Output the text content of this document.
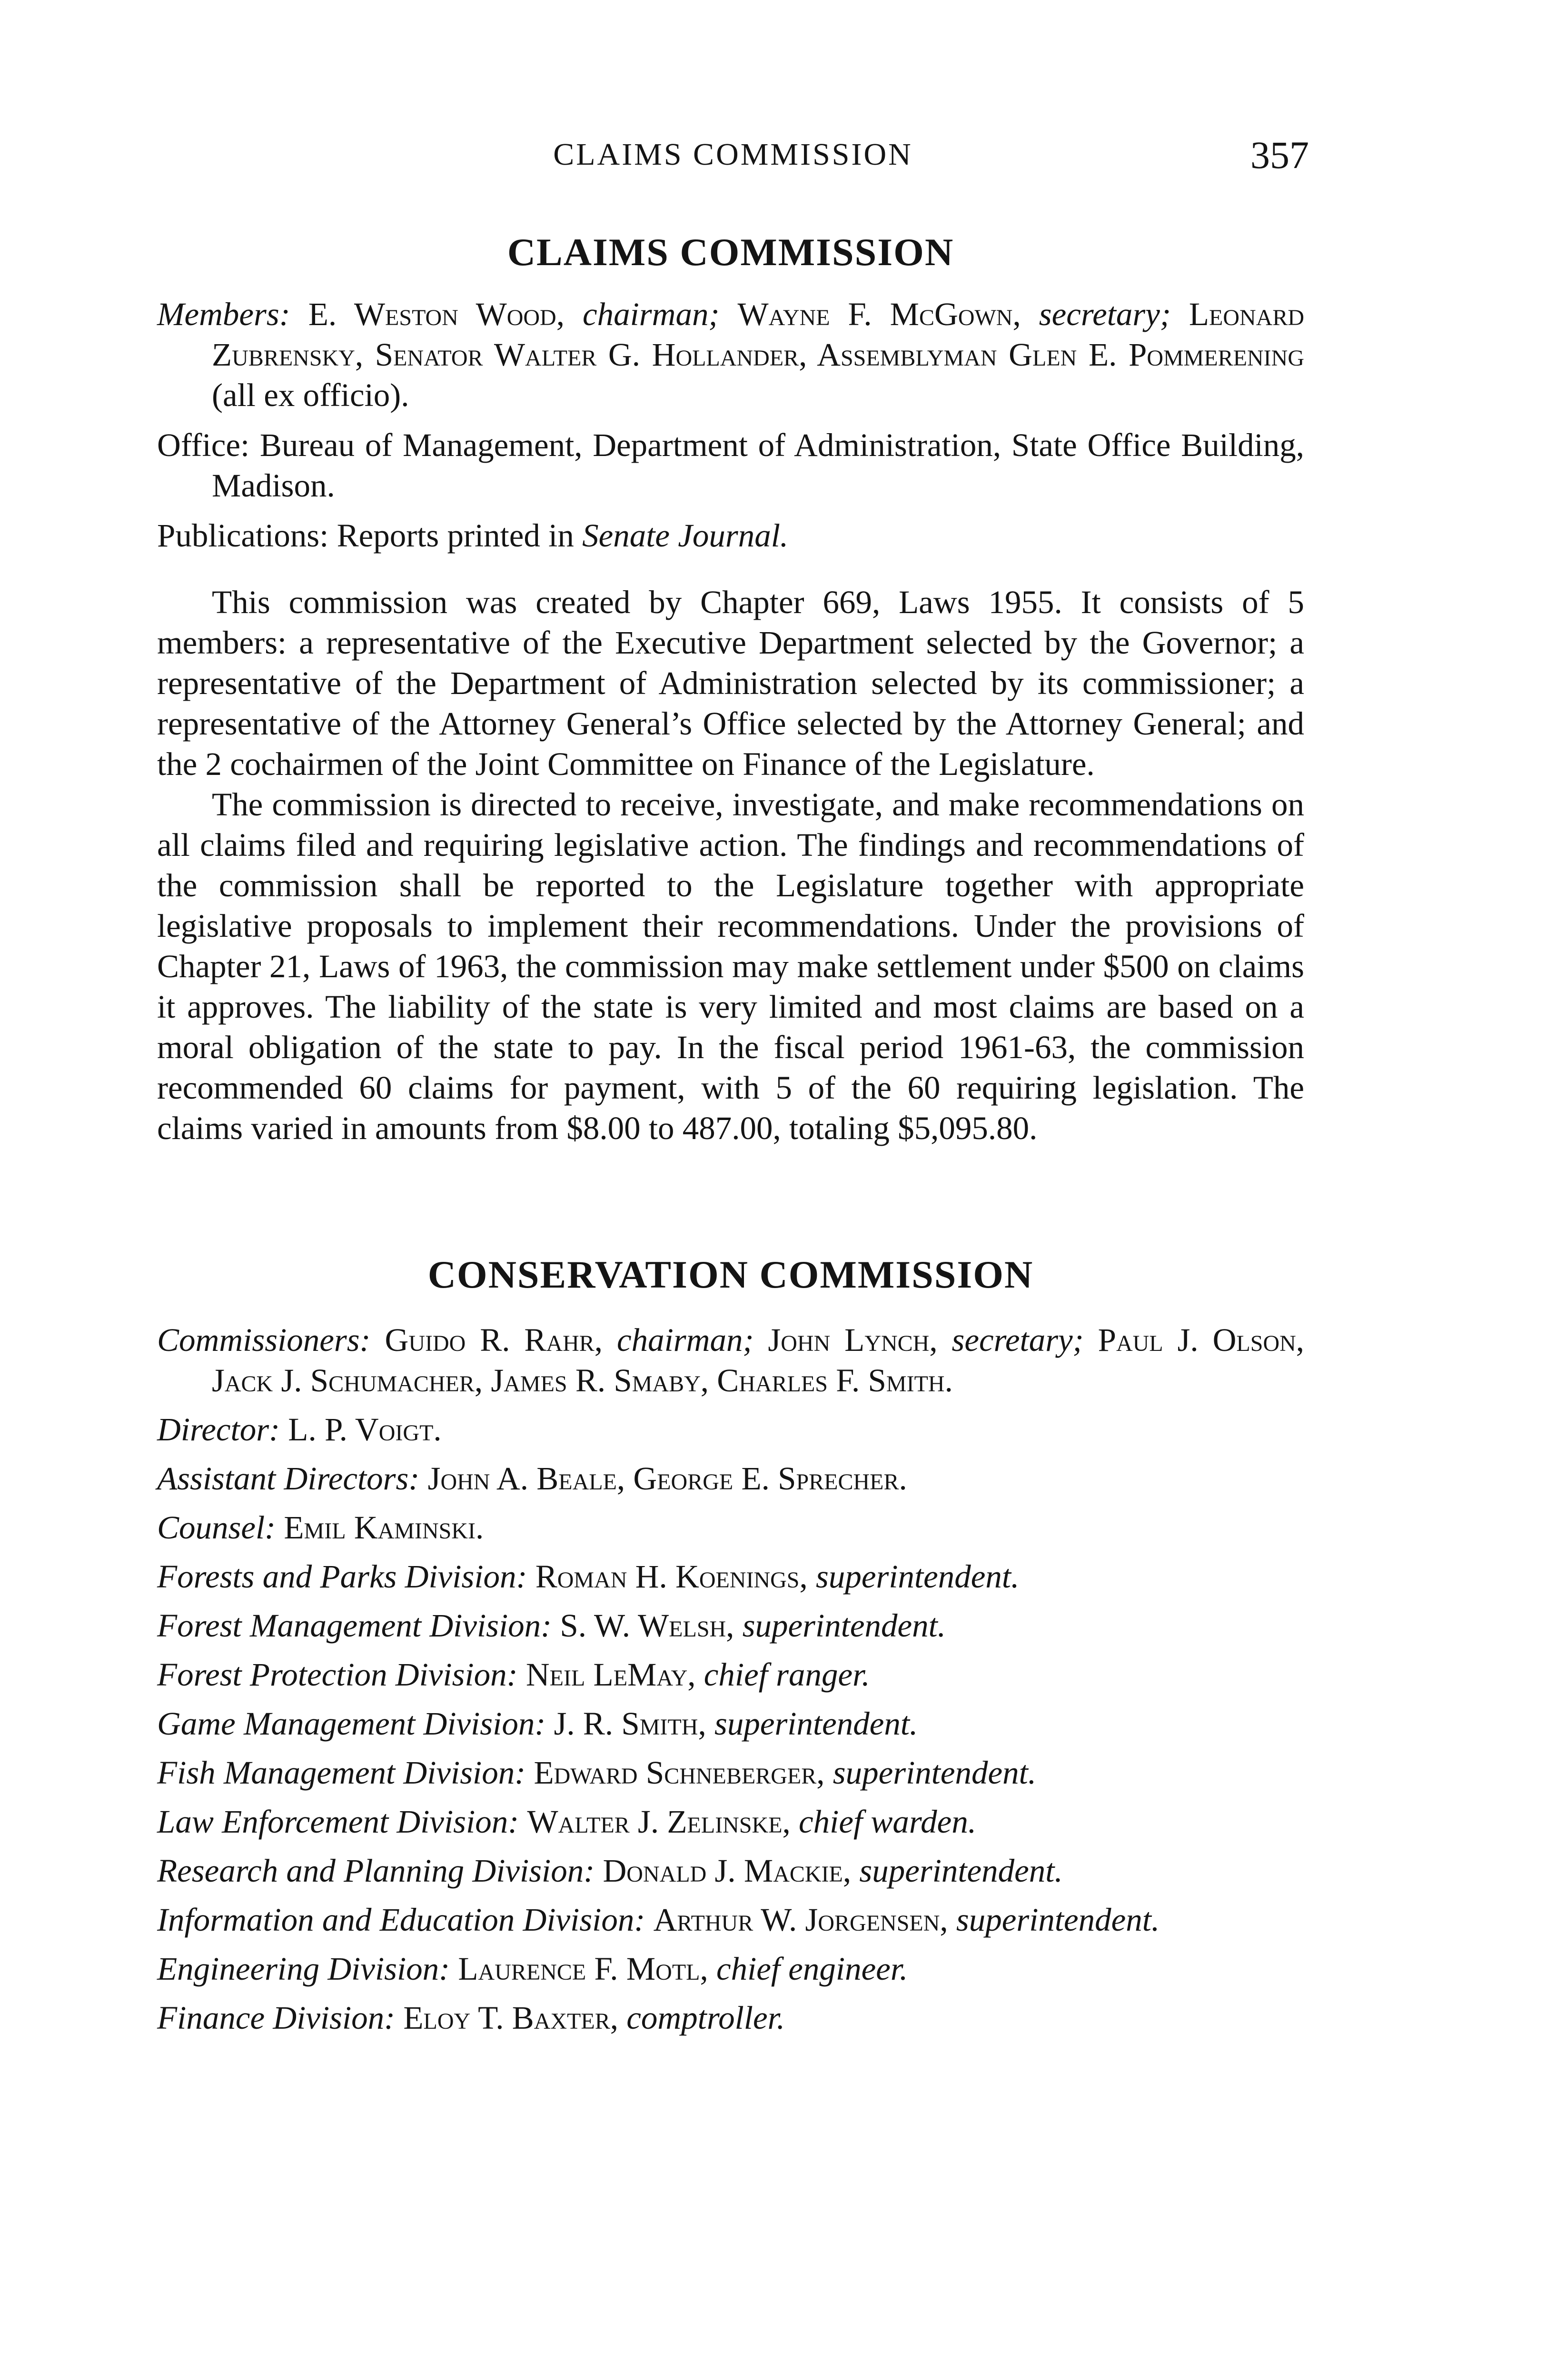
CLAIMS COMMISSION	357
CLAIMS COMMISSION

Members: E. Weston Wood, chairman; Wayne F. McGown, secretary; Leonard Zubrensky, Senator Walter G. Hollander, Assemblyman Glen E. Pommerening (all ex officio).

Office: Bureau of Management, Department of Administration, State Office Building, Madison.

Publications: Reports printed in Senate Journal.

This commission was created by Chapter 669, Laws 1955. It consists of 5 members: a representative of the Executive Department selected by the Governor; a representative of the Department of Administration selected by its commissioner; a representative of the Attorney General’s Office selected by the Attorney General; and the 2 cochairmen of the Joint Committee on Finance of the Legislature.

The commission is directed to receive, investigate, and make recommendations on all claims filed and requiring legislative action. The findings and recommendations of the commission shall be reported to the Legislature together with appropriate legislative proposals to implement their recommendations. Under the provisions of Chapter 21, Laws of 1963, the commission may make settlement under $500 on claims it approves. The liability of the state is very limited and most claims are based on a moral obligation of the state to pay. In the fiscal period 1961-63, the commission recommended 60 claims for payment, with 5 of the 60 requiring legislation. The claims varied in amounts from $8.00 to 487.00, totaling $5,095.80.

CONSERVATION COMMISSION

Commissioners: Guido R. Rahr, chairman; John Lynch, secretary; Paul J. Olson, Jack J. Schumacher, James R. Smaby, Charles F. Smith.

Director: L. P. Voigt.

Assistant Directors: John A. Beale, George E. Sprecher.

Counsel: Emil Kaminski.

Forests and Parks Division: Roman H. Koenings, superintendent.

Forest Management Division: S. W. Welsh, superintendent.

Forest Protection Division: Neil LeMay, chief ranger.

Game Management Division: J. R. Smith, superintendent.

Fish Management Division: Edward Schneberger, superintendent.

Law Enforcement Division: Walter J. Zelinske, chief warden.

Research and Planning Division: Donald J. Mackie, superintendent.

Information and Education Division: Arthur W. Jorgensen, superintendent.

Engineering Division: Laurence F. Motl, chief engineer.

Finance Division: Eloy T. Baxter, comptroller.
